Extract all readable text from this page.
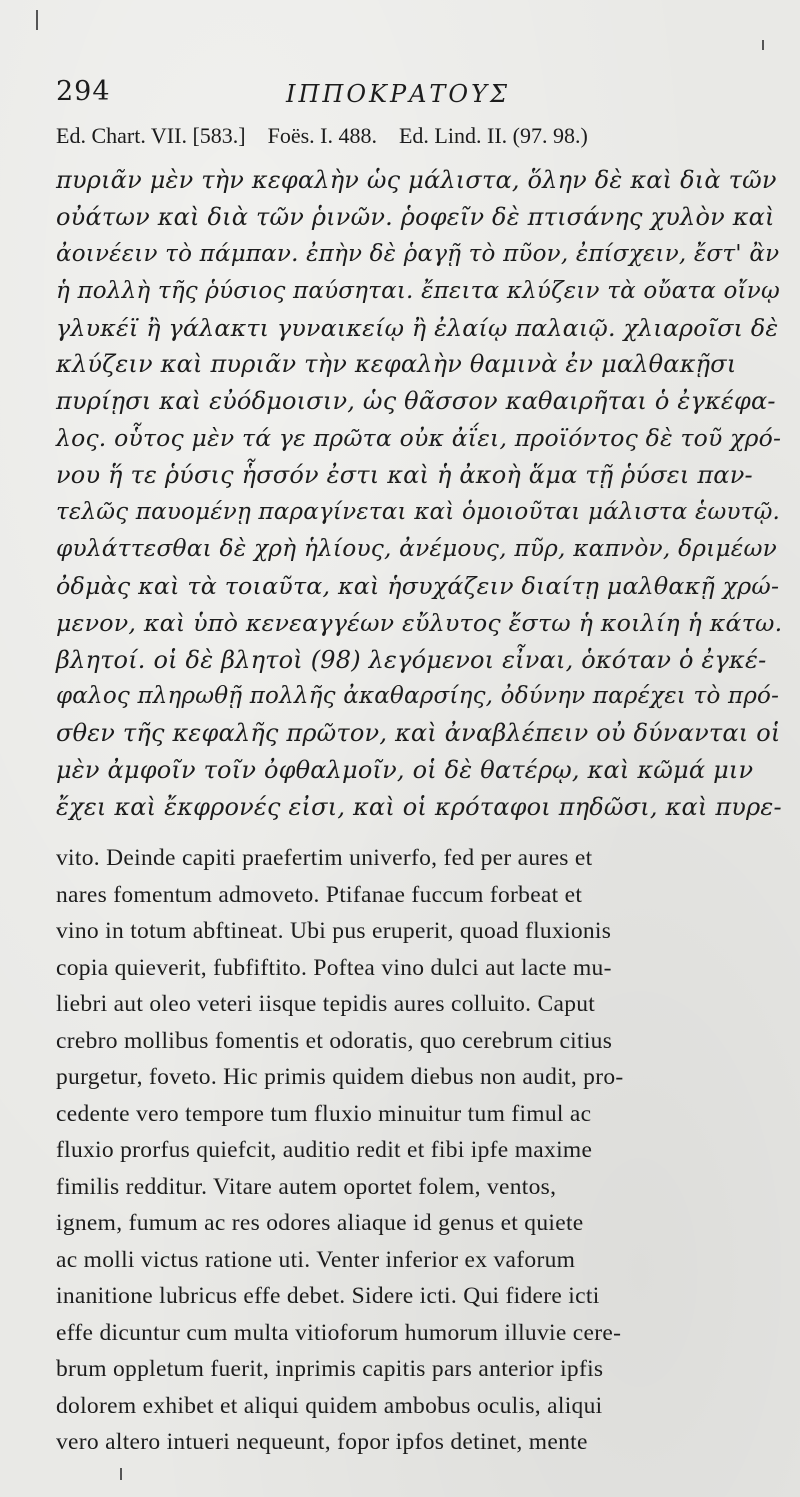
294	ΙΠΠΟΚΡΑΤΟΥΣ
Ed. Chart. VII. [583.]    Foës. I. 488.    Ed. Lind. II. (97. 98.)
πυριᾶν μὲν τὴν κεφαλὴν ὡς μάλιστα, ὅλην δὲ καὶ διὰ τῶν
οὐάτων καὶ διὰ τῶν ῥινῶν. ῥοφεῖν δὲ πτισάνης χυλὸν καὶ
ἀοινέειν τὸ πάμπαν. ἐπὴν δὲ ῥαγῇ τὸ πῦον, ἐπίσχειν, ἔστ' ἂν
ἡ πολλὴ τῆς ῥύσιος παύσηται. ἔπειτα κλύζειν τὰ οὔατα οἴνῳ
γλυκέϊ ἢ γάλακτι γυναικείῳ ἢ ἐλαίῳ παλαιῷ. χλιαροῖσι δὲ
κλύζειν καὶ πυριᾶν τὴν κεφαλὴν θαμινὰ ἐν μαλθακῇσι
πυρίῃσι καὶ εὐόδμοισιν, ὡς θᾶσσον καθαιρῆται ὁ ἐγκέφα-
λος. οὗτος μὲν τά γε πρῶτα οὐκ ἀΐει, προϊόντος δὲ τοῦ χρό-
νου ἥ τε ῥύσις ἧσσόν ἐστι καὶ ἡ ἀκοὴ ἅμα τῇ ῥύσει παν-
τελῶς παυομένῃ παραγίνεται καὶ ὁμοιοῦται μάλιστα ἑωυτῷ.
φυλάττεσθαι δὲ χρὴ ἡλίους, ἀνέμους, πῦρ, καπνὸν, δριμέων
ὀδμὰς καὶ τὰ τοιαῦτα, καὶ ἡσυχάζειν διαίτῃ μαλθακῇ χρώ-
μενον, καὶ ὑπὸ κενεαγγέων εὔλυτος ἔστω ἡ κοιλίη ἡ κάτω.
βλητοί. οἱ δὲ βλητοὶ (98) λεγόμενοι εἶναι, ὁκόταν ὁ ἐγκέ-
φαλος πληρωθῇ πολλῆς ἀκαθαρσίης, ὀδύνην παρέχει τὸ πρό-
σθεν τῆς κεφαλῆς πρῶτον, καὶ ἀναβλέπειν οὐ δύνανται οἱ
μὲν ἀμφοῖν τοῖν ὀφθαλμοῖν, οἱ δὲ θατέρῳ, καὶ κῶμά μιν
ἔχει καὶ ἔκφρονές εἰσι, καὶ οἱ κρόταφοι πηδῶσι, καὶ πυρε-
vito. Deinde capiti praefertim univerfo, fed per aures et
nares fomentum admoveto. Ptifanae fuccum forbeat et
vino in totum abftineat. Ubi pus eruperit, quoad fluxionis
copia quieverit, fubfiftito. Poftea vino dulci aut lacte mu-
liebri aut oleo veteri iisque tepidis aures colluito. Caput
crebro mollibus fomentis et odoratis, quo cerebrum citius
purgetur, foveto. Hic primis quidem diebus non audit, pro-
cedente vero tempore tum fluxio minuitur tum fimul ac
fluxio prorfus quiefcit, auditio redit et fibi ipfe maxime
fimilis redditur. Vitare autem oportet folem, ventos,
ignem, fumum ac res odores aliaque id genus et quiete
ac molli victus ratione uti. Venter inferior ex vaforum
inanitione lubricus effe debet. Sidere icti. Qui fidere icti
effe dicuntur cum multa vitioforum humorum illuvie cere-
brum oppletum fuerit, inprimis capitis pars anterior ipfis
dolorem exhibet et aliqui quidem ambobus oculis, aliqui
vero altero intueri nequeunt, fopor ipfos detinet, mente
